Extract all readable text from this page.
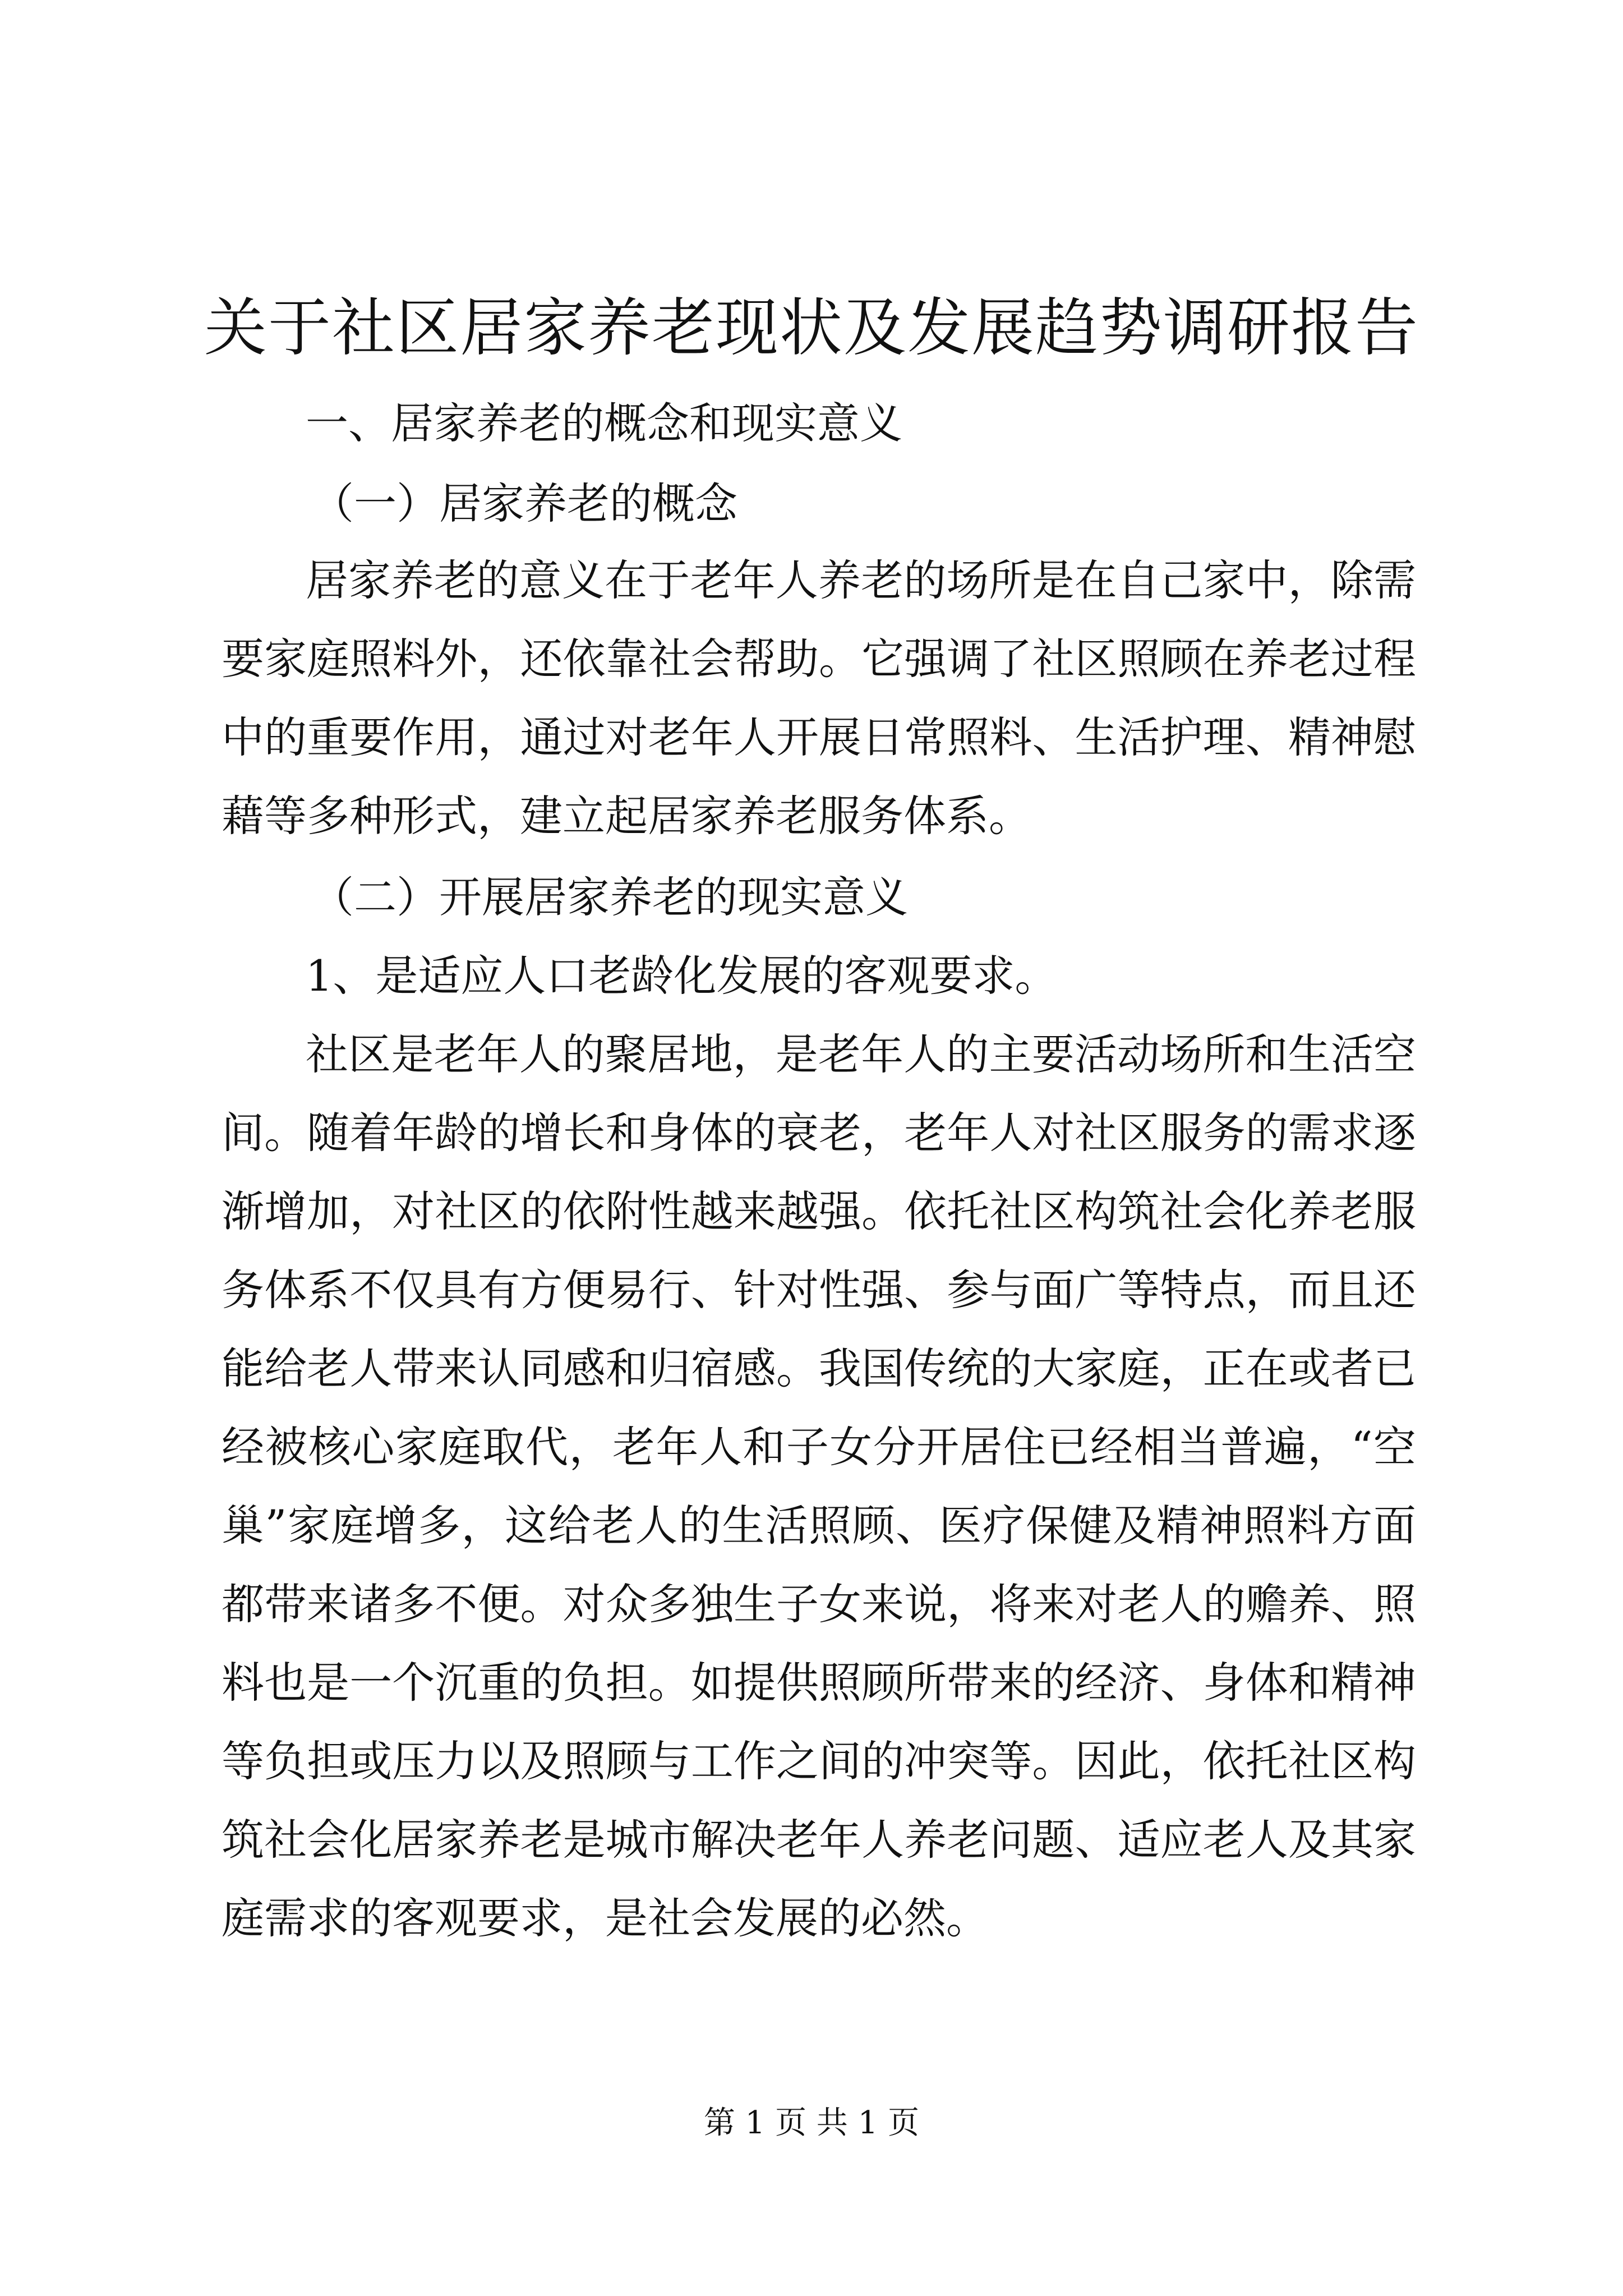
关于社区居家养老现状及发展趋势调研报告

一、居家养老的概念和现实意义

（一）居家养老的概念

居家养老的意义在于老年人养老的场所是在自己家中，除需

要家庭照料外，还依靠社会帮助。它强调了社区照顾在养老过程

中的重要作用，通过对老年人开展日常照料、生活护理、精神慰

藉等多种形式，建立起居家养老服务体系。

（二）开展居家养老的现实意义

1、是适应人口老龄化发展的客观要求。

社区是老年人的聚居地，是老年人的主要活动场所和生活空

间。随着年龄的增长和身体的衰老，老年人对社区服务的需求逐

渐增加，对社区的依附性越来越强。依托社区构筑社会化养老服

务体系不仅具有方便易行、针对性强、参与面广等特点，而且还

能给老人带来认同感和归宿感。我国传统的大家庭，正在或者已

经被核心家庭取代，老年人和子女分开居住已经相当普遍，“空

巢”家庭增多，这给老人的生活照顾、医疗保健及精神照料方面

都带来诸多不便。对众多独生子女来说，将来对老人的赡养、照

料也是一个沉重的负担。如提供照顾所带来的经济、身体和精神

等负担或压力以及照顾与工作之间的冲突等。因此，依托社区构

筑社会化居家养老是城市解决老年人养老问题、适应老人及其家

庭需求的客观要求，是社会发展的必然。

第 1 页 共 1 页
